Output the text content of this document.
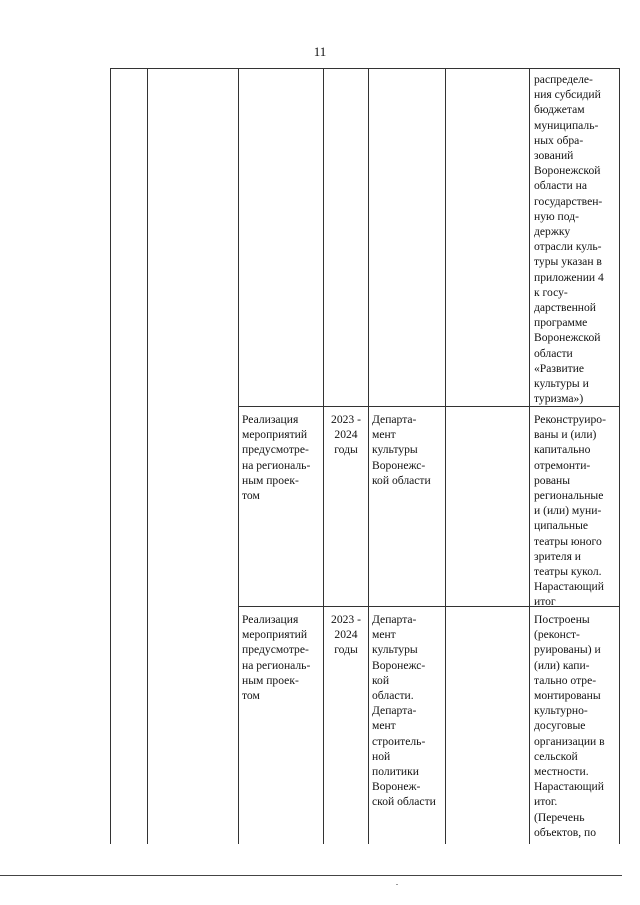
11
распределе-
ния субсидий
бюджетам
муниципаль-
ных обра-
зований
Воронежской
области на
государствен-
ную под-
держку
отрасли куль-
туры указан в
приложении 4
к госу-
дарственной
программе
Воронежской
области
«Развитие
культуры и
туризма»)
Реализация
мероприятий
предусмотре-
на региональ-
ным проек-
том
2023 -
2024
годы
Департа-
мент
культуры
Воронежс-
кой области
Реконструиро-
ваны и (или)
капитально
отремонти-
рованы
региональные
и (или) муни-
ципальные
театры юного
зрителя и
театры кукол.
Нарастающий
итог
Реализация
мероприятий
предусмотре-
на региональ-
ным проек-
том
2023 -
2024
годы
Департа-
мент
культуры
Воронежс-
кой
области.
Департа-
мент
строитель-
ной
политики
Воронеж-
ской области
Построены
(реконст-
руированы) и
(или) капи-
тально отре-
монтированы
культурно-
досуговые
организации в
сельской
местности.
Нарастающий
итог.
(Перечень
объектов, по
